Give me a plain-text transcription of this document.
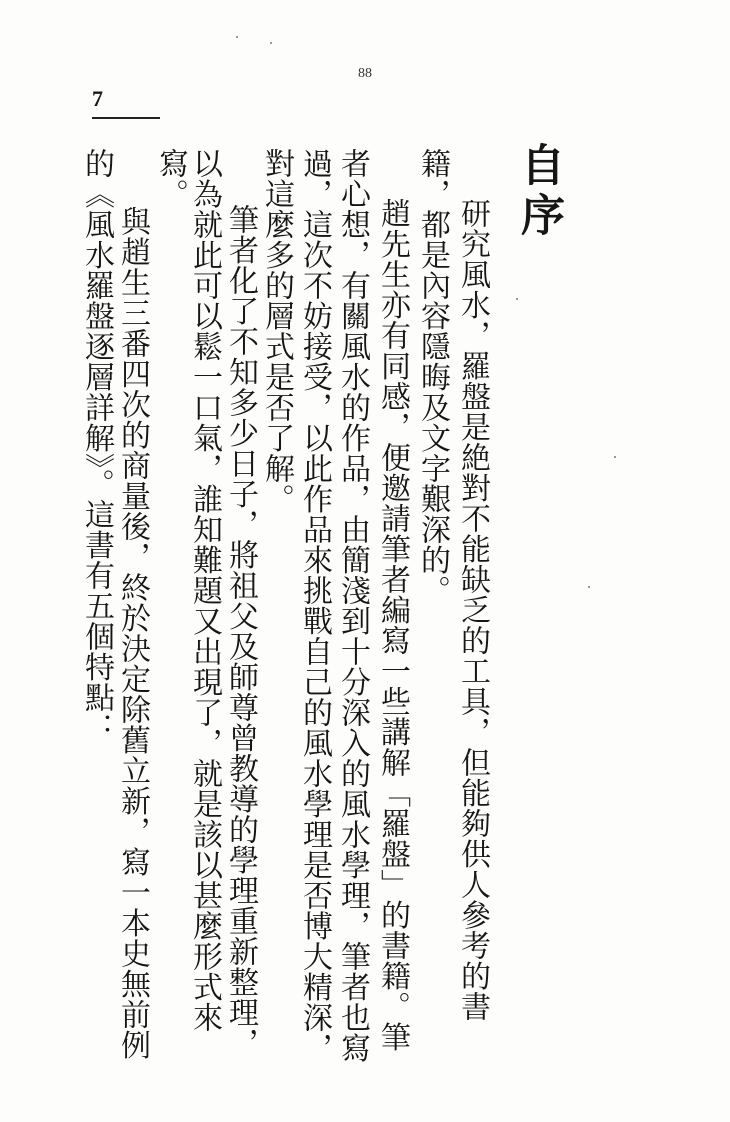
88
7
自序
研究風水，羅盤是絶對不能缺乏的工具，但能夠供人參考的書
籍，都是內容隱晦及文字艱深的。
趙先生亦有同感，便邀請筆者編寫一些講解「羅盤」的書籍。筆
者心想，有關風水的作品，由簡淺到十分深入的風水學理，筆者也寫
過，這次不妨接受，以此作品來挑戰自己的風水學理是否博大精深，
對這麼多的層式是否了解。
筆者化了不知多少日子，將祖父及師尊曾教導的學理重新整理，
以為就此可以鬆一口氣，誰知難題又出現了，就是該以甚麼形式來
寫。
與趙生三番四次的商量後，終於決定除舊立新，寫一本史無前例
的《風水羅盤逐層詳解》。這書有五個特點：
